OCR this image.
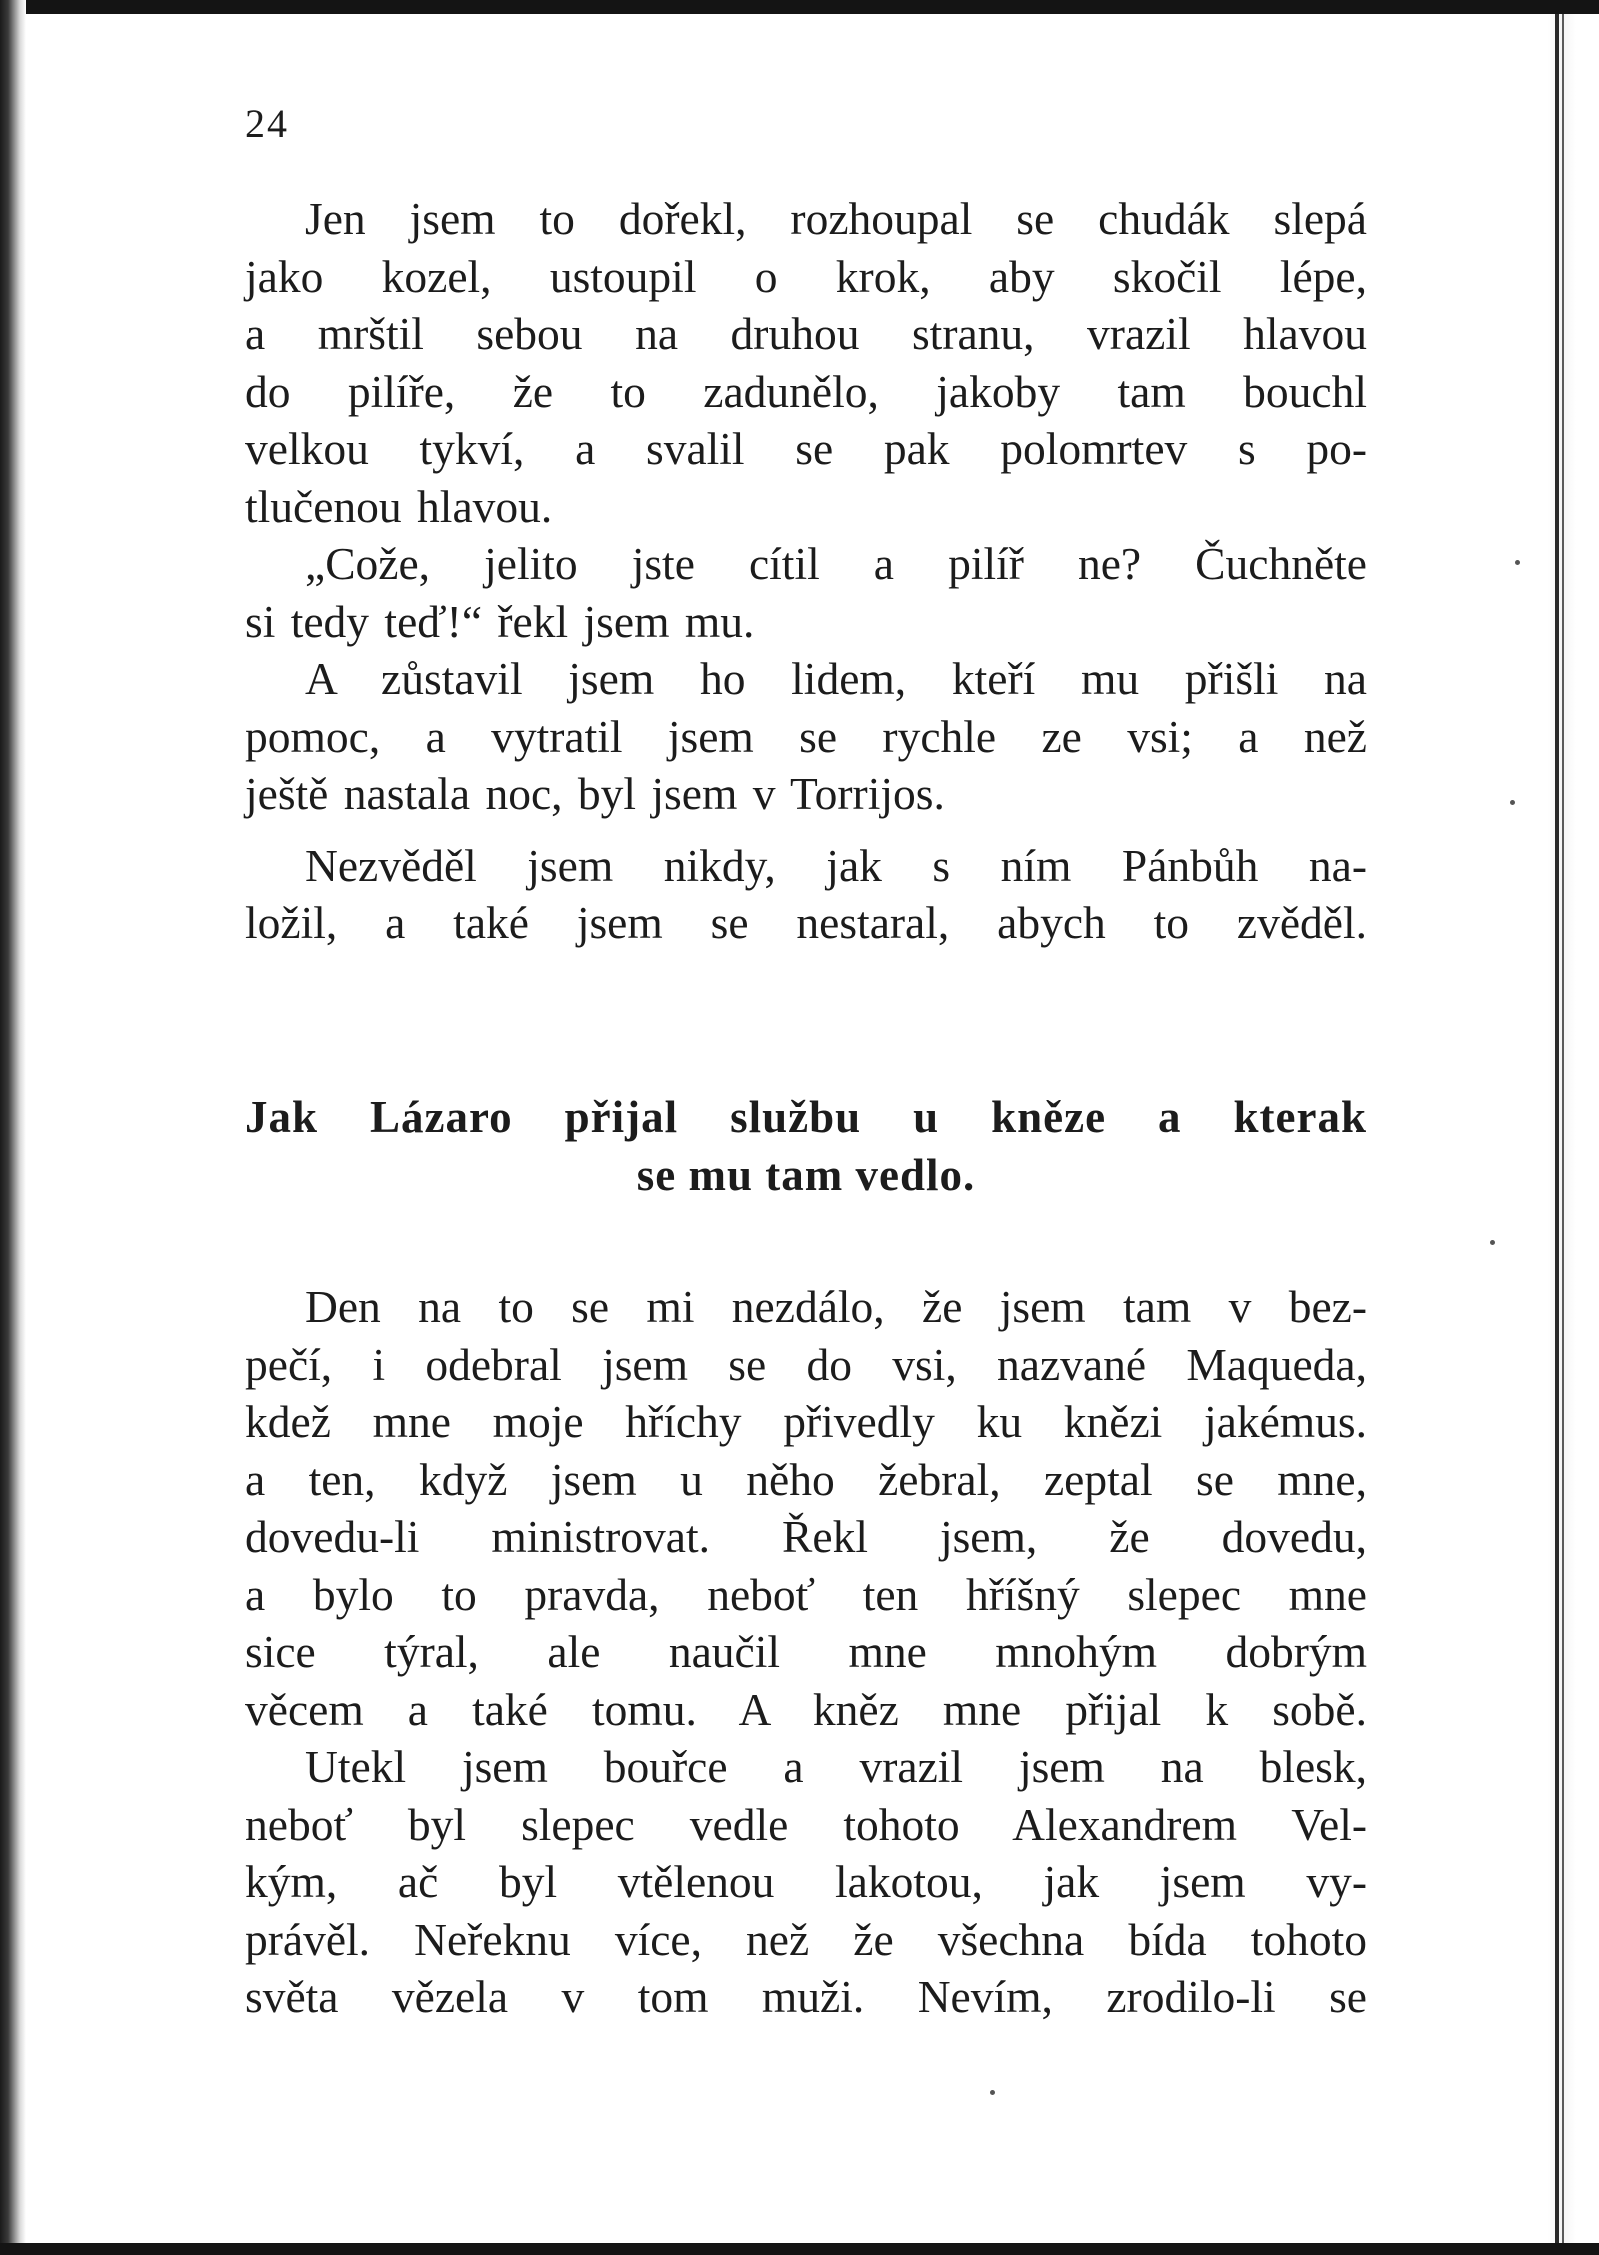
24

Jen jsem to dořekl, rozhoupal se chudák slepá
jako kozel, ustoupil o krok, aby skočil lépe,
a mrštil sebou na druhou stranu, vrazil hlavou
do pilíře, že to zadunělo, jakoby tam bouchl
velkou tykví, a svalil se pak polomrtev s po-
tlučenou hlavou.

„Cože, jelito jste cítil a pilíř ne? Čuchněte
si tedy teď!“ řekl jsem mu.

A zůstavil jsem ho lidem, kteří mu přišli na
pomoc, a vytratil jsem se rychle ze vsi; a než
ještě nastala noc, byl jsem v Torrijos.

Nezvěděl jsem nikdy, jak s ním Pánbůh na-
ložil, a také jsem se nestaral, abych to zvěděl.

Jak Lázaro přijal službu u kněze a kterak
se mu tam vedlo.

Den na to se mi nezdálo, že jsem tam v bez-
pečí, i odebral jsem se do vsi, nazvané Maqueda,
kdež mne moje hříchy přivedly ku knězi jakémus.
a ten, když jsem u něho žebral, zeptal se mne,
dovedu-li ministrovat. Řekl jsem, že dovedu,
a bylo to pravda, neboť ten hříšný slepec mne
sice týral, ale naučil mne mnohým dobrým
věcem a také tomu. A kněz mne přijal k sobě.

Utekl jsem bouřce a vrazil jsem na blesk,
neboť byl slepec vedle tohoto Alexandrem Vel-
kým, ač byl vtělenou lakotou, jak jsem vy-
právěl. Neřeknu více, než že všechna bída tohoto
světa vězela v tom muži. Nevím, zrodilo-li se
